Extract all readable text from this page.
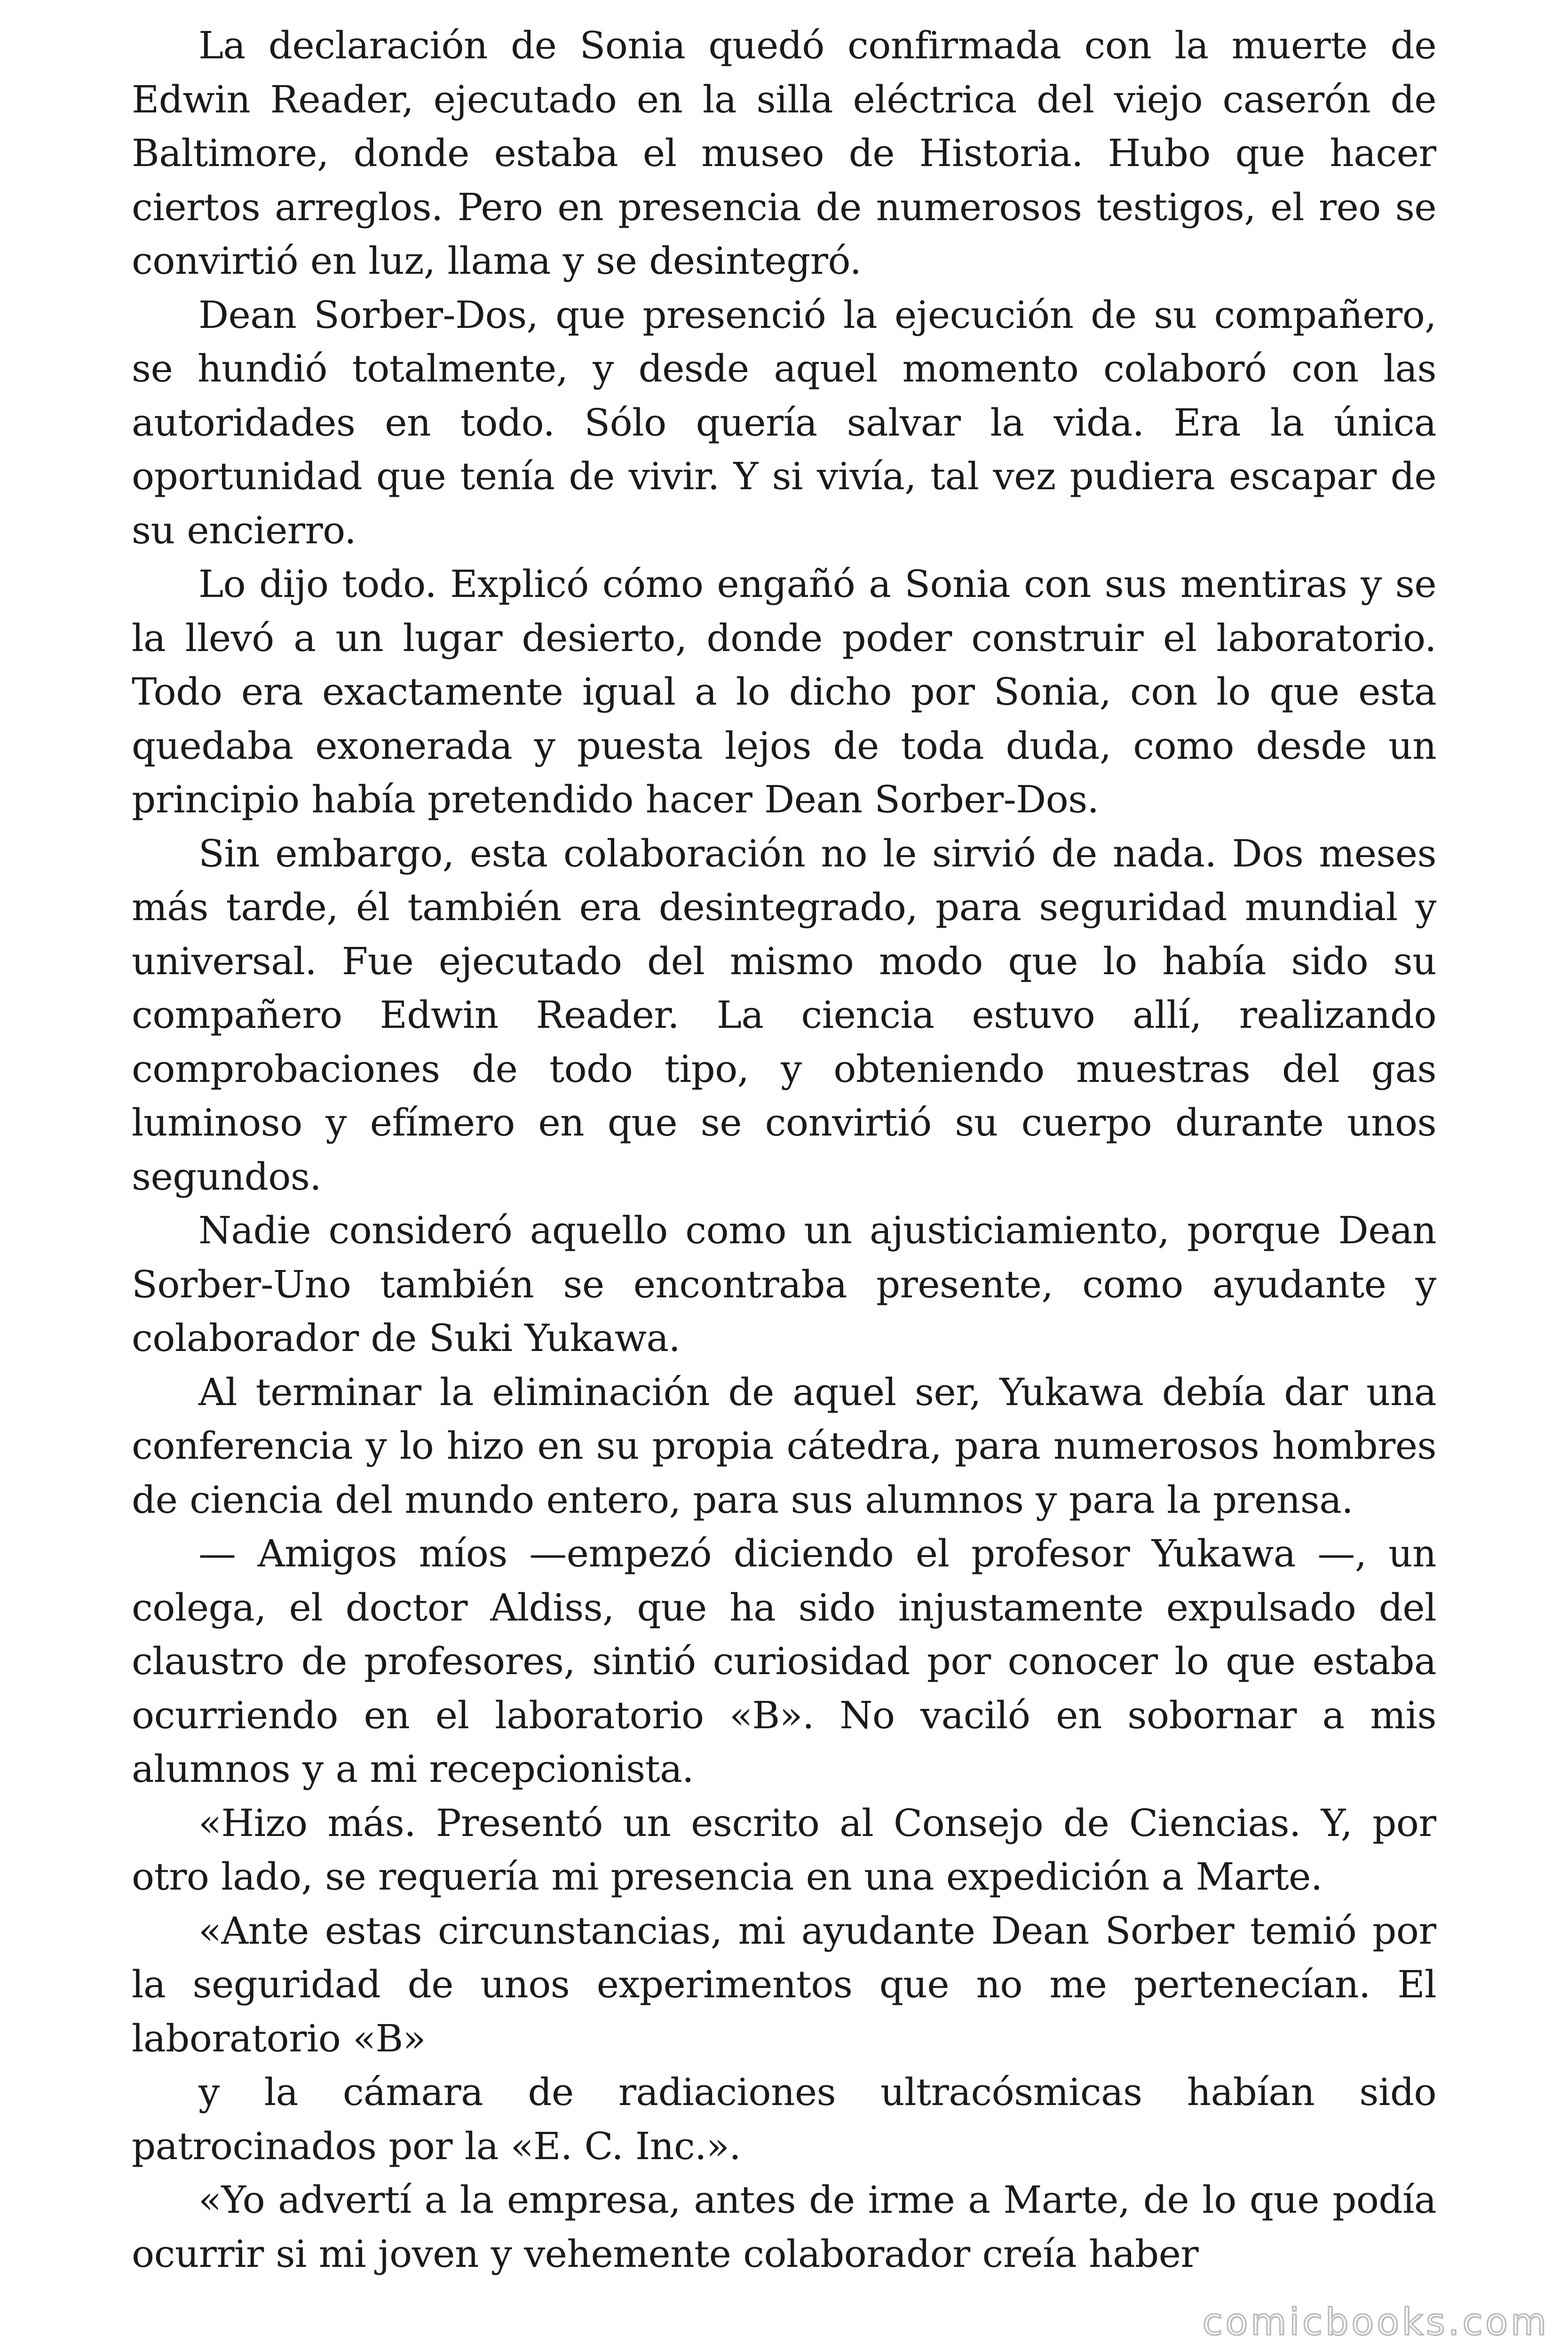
La declaración de Sonia quedó confirmada con la muerte de Edwin Reader, ejecutado en la silla eléctrica del viejo caserón de Baltimore, donde estaba el museo de Historia. Hubo que hacer ciertos arreglos. Pero en presencia de numerosos testigos, el reo se convirtió en luz, llama y se desintegró.

Dean Sorber-Dos, que presenció la ejecución de su compañero, se hundió totalmente, y desde aquel momento colaboró con las autoridades en todo. Sólo quería salvar la vida. Era la única oportunidad que tenía de vivir. Y si vivía, tal vez pudiera escapar de su encierro.

Lo dijo todo. Explicó cómo engañó a Sonia con sus mentiras y se la llevó a un lugar desierto, donde poder construir el laboratorio. Todo era exactamente igual a lo dicho por Sonia, con lo que esta quedaba exonerada y puesta lejos de toda duda, como desde un principio había pretendido hacer Dean Sorber-Dos.

Sin embargo, esta colaboración no le sirvió de nada. Dos meses más tarde, él también era desintegrado, para seguridad mundial y universal. Fue ejecutado del mismo modo que lo había sido su compañero Edwin Reader. La ciencia estuvo allí, realizando comprobaciones de todo tipo, y obteniendo muestras del gas luminoso y efímero en que se convirtió su cuerpo durante unos segundos.

Nadie consideró aquello como un ajusticiamiento, porque Dean Sorber-Uno también se encontraba presente, como ayudante y colaborador de Suki Yukawa.

Al terminar la eliminación de aquel ser, Yukawa debía dar una conferencia y lo hizo en su propia cátedra, para numerosos hombres de ciencia del mundo entero, para sus alumnos y para la prensa.

— Amigos míos —empezó diciendo el profesor Yukawa —, un colega, el doctor Aldiss, que ha sido injustamente expulsado del claustro de profesores, sintió curiosidad por conocer lo que estaba ocurriendo en el laboratorio «B». No vaciló en sobornar a mis alumnos y a mi recepcionista.

«Hizo más. Presentó un escrito al Consejo de Ciencias. Y, por otro lado, se requería mi presencia en una expedición a Marte.

«Ante estas circunstancias, mi ayudante Dean Sorber temió por la seguridad de unos experimentos que no me pertenecían. El laboratorio «B»

y la cámara de radiaciones ultracósmicas habían sido patrocinados por la «E. C. Inc.».

«Yo advertí a la empresa, antes de irme a Marte, de lo que podía ocurrir si mi joven y vehemente colaborador creía haber

comicbooks.com
